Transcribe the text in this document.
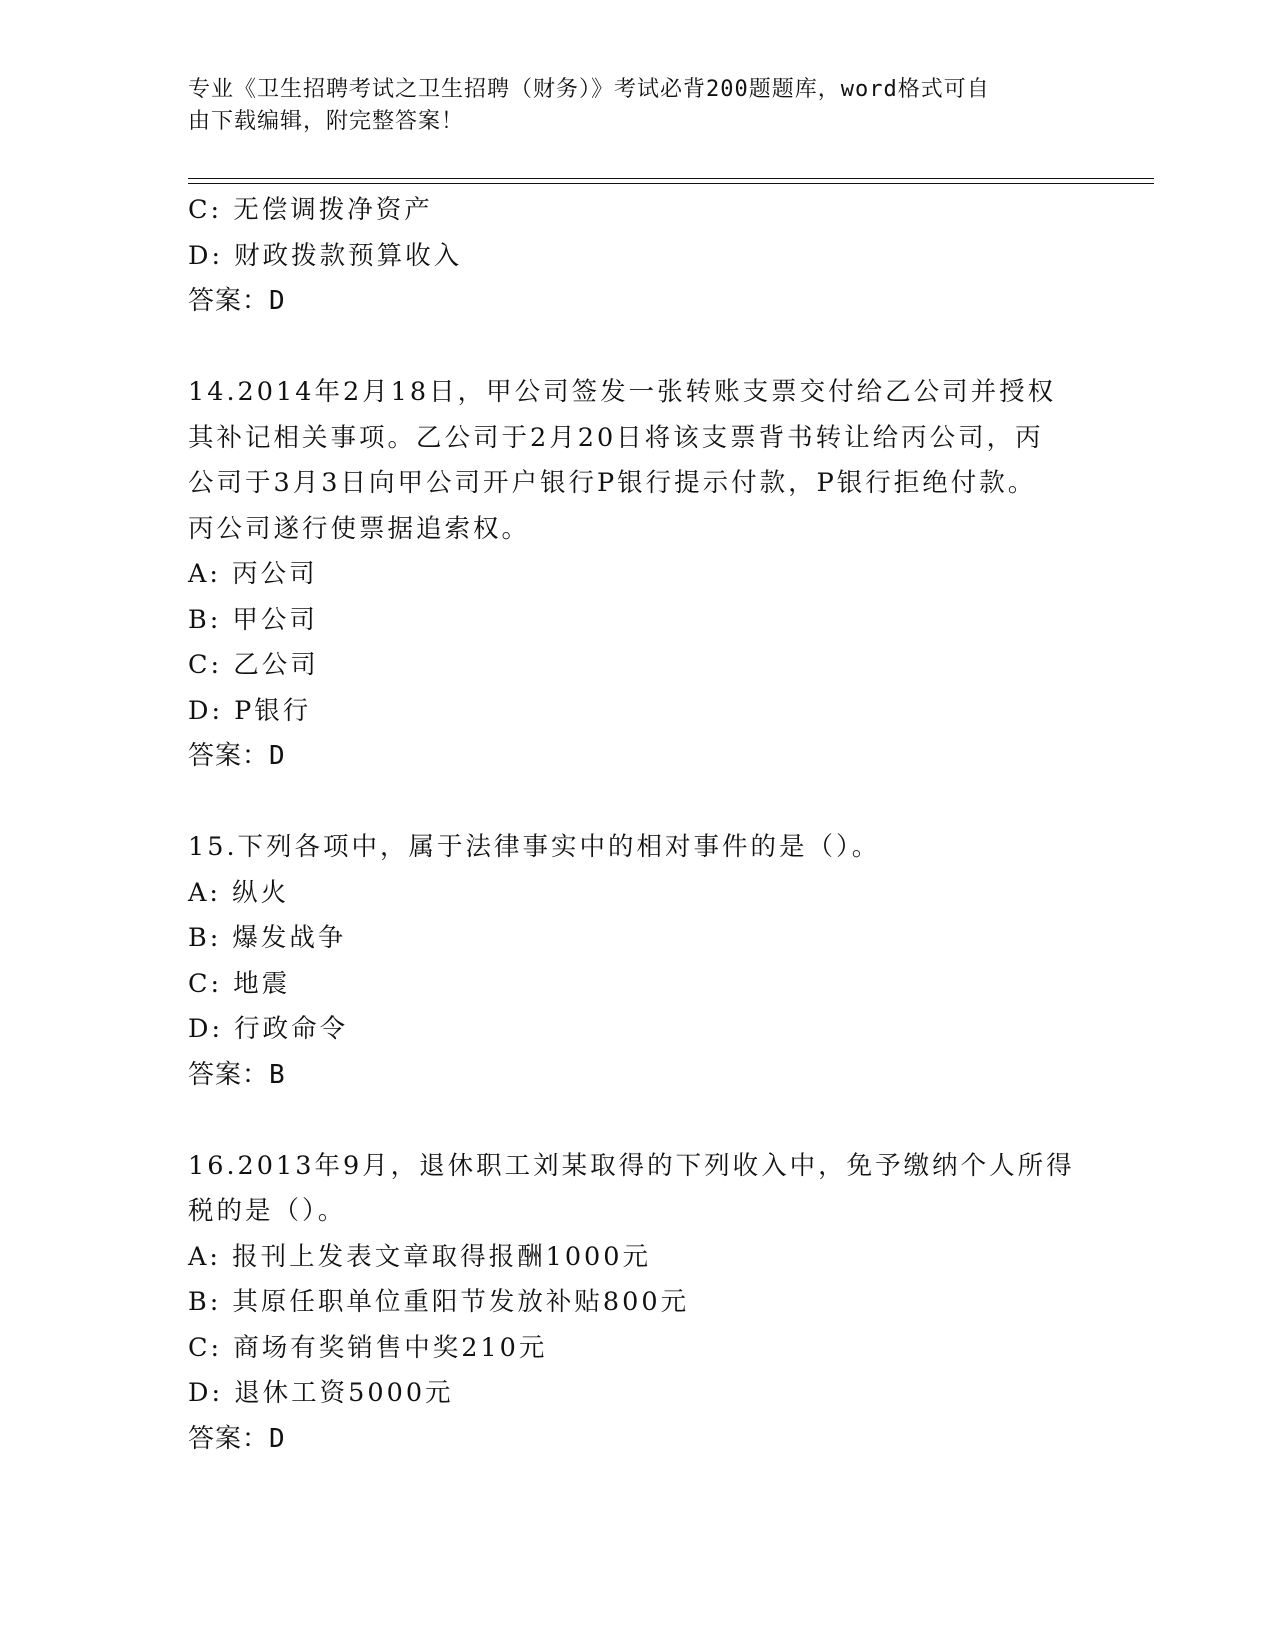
专业《卫生招聘考试之卫生招聘（财务）》考试必背200题题库，word格式可自
由下载编辑，附完整答案！
C: 无偿调拨净资产
D: 财政拨款预算收入
答案：D
14.2014年2月18日，甲公司签发一张转账支票交付给乙公司并授权
其补记相关事项。乙公司于2月20日将该支票背书转让给丙公司，丙
公司于3月3日向甲公司开户银行P银行提示付款，P银行拒绝付款。
丙公司遂行使票据追索权。
A: 丙公司
B: 甲公司
C: 乙公司
D: P银行
答案：D
15.下列各项中，属于法律事实中的相对事件的是（）。
A: 纵火
B: 爆发战争
C: 地震
D: 行政命令
答案：B
16.2013年9月，退休职工刘某取得的下列收入中，免予缴纳个人所得
税的是（）。
A: 报刊上发表文章取得报酬1000元
B: 其原任职单位重阳节发放补贴800元
C: 商场有奖销售中奖210元
D: 退休工资5000元
答案：D
